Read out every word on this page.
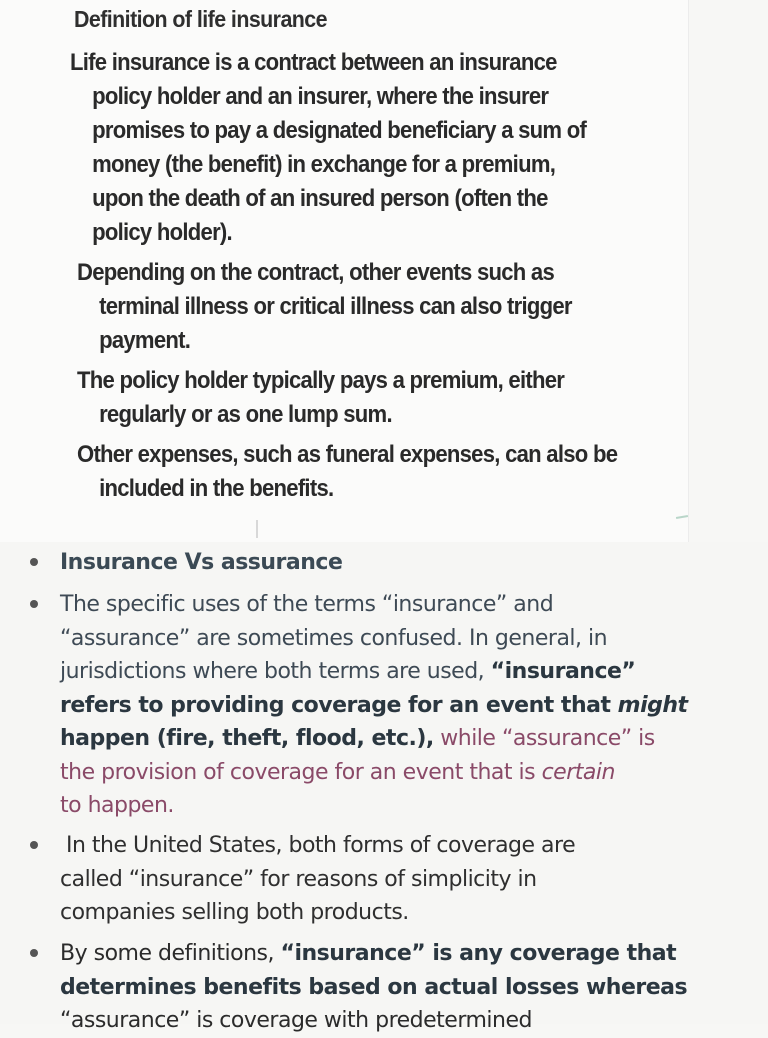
Definition of life insurance

Life insurance is a contract between an insurance
policy holder and an insurer, where the insurer
promises to pay a designated beneficiary a sum of
money (the benefit) in exchange for a premium,
upon the death of an insured person (often the
policy holder).

Depending on the contract, other events such as
terminal illness or critical illness can also trigger
payment.

The policy holder typically pays a premium, either
regularly or as one lump sum.

Other expenses, such as funeral expenses, can also be
included in the benefits.

Insurance Vs assurance

The specific uses of the terms “insurance” and
“assurance” are sometimes confused. In general, in
jurisdictions where both terms are used, “insurance”
refers to providing coverage for an event that might
happen (fire, theft, flood, etc.), while “assurance” is
the provision of coverage for an event that is certain
to happen.

In the United States, both forms of coverage are
called “insurance” for reasons of simplicity in
companies selling both products.

By some definitions, “insurance” is any coverage that
determines benefits based on actual losses whereas
“assurance” is coverage with predetermined
